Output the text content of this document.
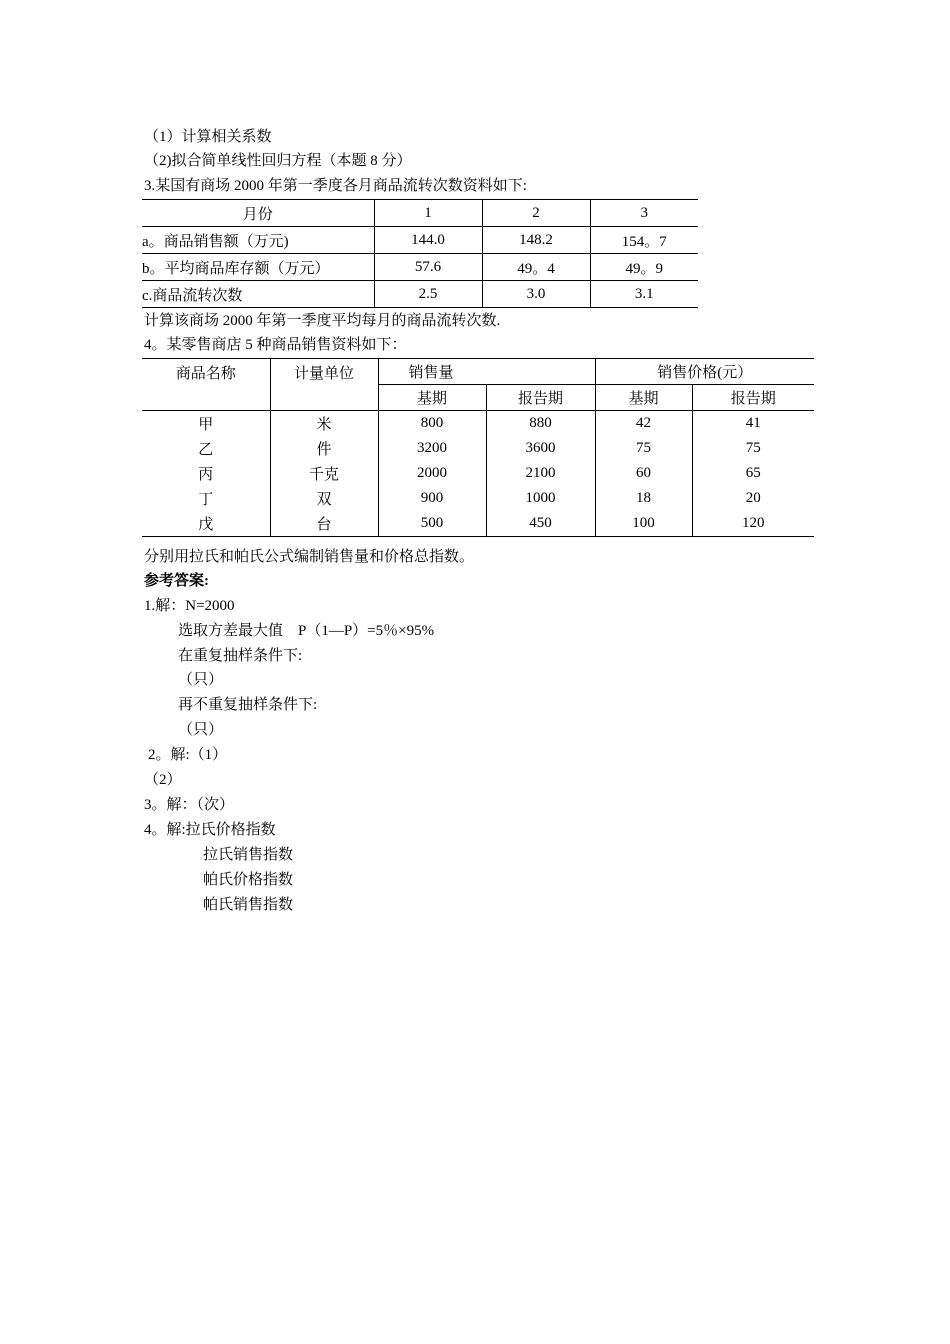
（1）计算相关系数
（2)拟合简单线性回归方程（本题 8 分）
3.某国有商场 2000 年第一季度各月商品流转次数资料如下:
月份	1	2	3
a。商品销售额（万元)	144.0	148.2	154。7
b。平均商品库存额（万元）	57.6	49。4	49。9
c.商品流转次数	2.5	3.0	3.1
计算该商场 2000 年第一季度平均每月的商品流转次数.
4。某零售商店 5 种商品销售资料如下：
商品名称	计量单位	销售量		销售价格(元）	
		基期	报告期	基期	报告期
甲	米	800	880	42	41
乙	件	3200	3600	75	75
丙	千克	2000	2100	60	65
丁	双	900	1000	18	20
戊	台	500	450	100	120
分别用拉氏和帕氏公式编制销售量和价格总指数。
参考答案:
1.解：N=2000
选取方差最大值　P（1—P）=5％×95%
在重复抽样条件下:
（只）
再不重复抽样条件下:
（只）
2。解:（1）
（2）
3。解：（次）
4。解:拉氏价格指数
拉氏销售指数
帕氏价格指数
帕氏销售指数
